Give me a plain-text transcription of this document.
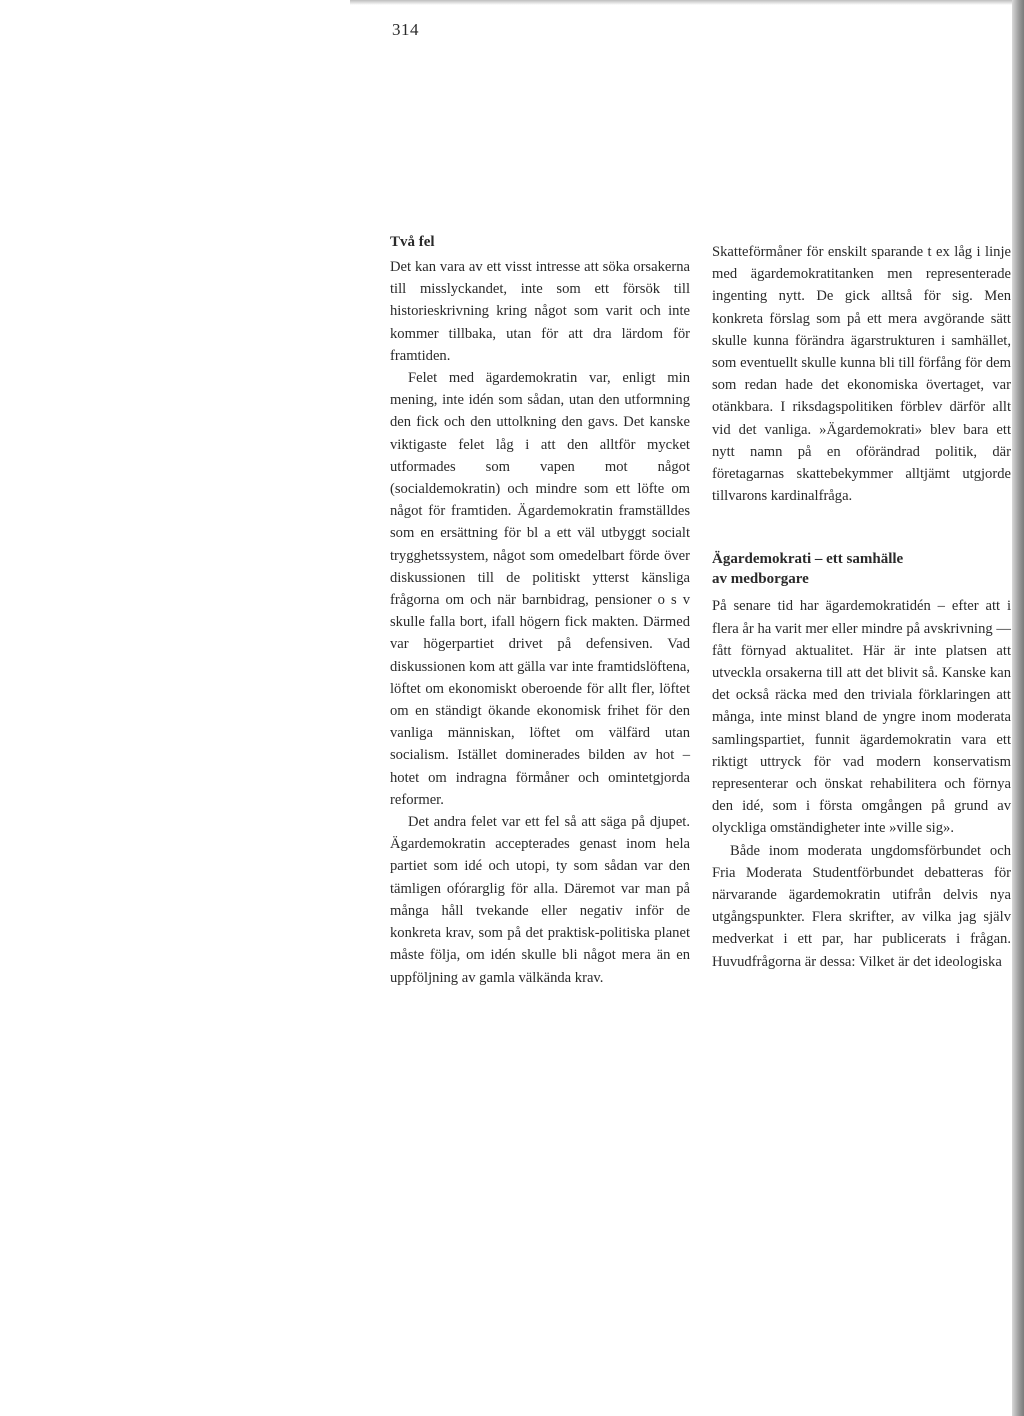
314

Två fel

Det kan vara av ett visst intresse att söka orsakerna till misslyckandet, inte som ett försök till historieskrivning kring något som varit och inte kommer tillbaka, utan för att dra lärdom för framtiden.

Felet med ägardemokratin var, enligt min mening, inte idén som sådan, utan den utformning den fick och den uttolkning den gavs. Det kanske viktigaste felet låg i att den alltför mycket utformades som vapen mot något (socialdemokratin) och mindre som ett löfte om något för framtiden. Ägardemokratin framställdes som en ersättning för bl a ett väl utbyggt socialt trygghetssystem, något som omedelbart förde över diskussionen till de politiskt ytterst känsliga frågorna om och när barnbidrag, pensioner o s v skulle falla bort, ifall högern fick makten. Därmed var högerpartiet drivet på defensiven. Vad diskussionen kom att gälla var inte framtidslöftena, löftet om ekonomiskt oberoende för allt fler, löftet om en ständigt ökande ekonomisk frihet för den vanliga människan, löftet om välfärd utan socialism. Istället dominerades bilden av hot – hotet om indragna förmåner och omintetgjorda reformer.

Det andra felet var ett fel så att säga på djupet. Ägardemokratin accepterades genast inom hela partiet som idé och utopi, ty som sådan var den tämligen ofórarglig för alla. Däremot var man på många håll tvekande eller negativ inför de konkreta krav, som på det praktisk-politiska planet måste följa, om idén skulle bli något mera än en uppföljning av gamla välkända krav.

Skatteförmåner för enskilt sparande t ex låg i linje med ägardemokratitanken men representerade ingenting nytt. De gick alltså för sig. Men konkreta förslag som på ett mera avgörande sätt skulle kunna förändra ägarstrukturen i samhället, som eventuellt skulle kunna bli till förfång för dem som redan hade det ekonomiska övertaget, var otänkbara. I riksdagspolitiken förblev därför allt vid det vanliga. »Ägardemokrati» blev bara ett nytt namn på en oförändrad politik, där företagarnas skattebekymmer alltjämt utgjorde tillvarons kardinalfråga.

Ägardemokrati – ett samhälle

av medborgare

På senare tid har ägardemokratidén – efter att i flera år ha varit mer eller mindre på avskrivning — fått förnyad aktualitet. Här är inte platsen att utveckla orsakerna till att det blivit så. Kanske kan det också räcka med den triviala förklaringen att många, inte minst bland de yngre inom moderata samlingspartiet, funnit ägardemokratin vara ett riktigt uttryck för vad modern konservatism representerar och önskat rehabilitera och förnya den idé, som i första omgången på grund av olyckliga omständigheter inte »ville sig».

Både inom moderata ungdomsförbundet och Fria Moderata Studentförbundet debatteras för närvarande ägardemokratin utifrån delvis nya utgångspunkter. Flera skrifter, av vilka jag själv medverkat i ett par, har publicerats i frågan. Huvudfrågorna är dessa: Vilket är det ideologiska
